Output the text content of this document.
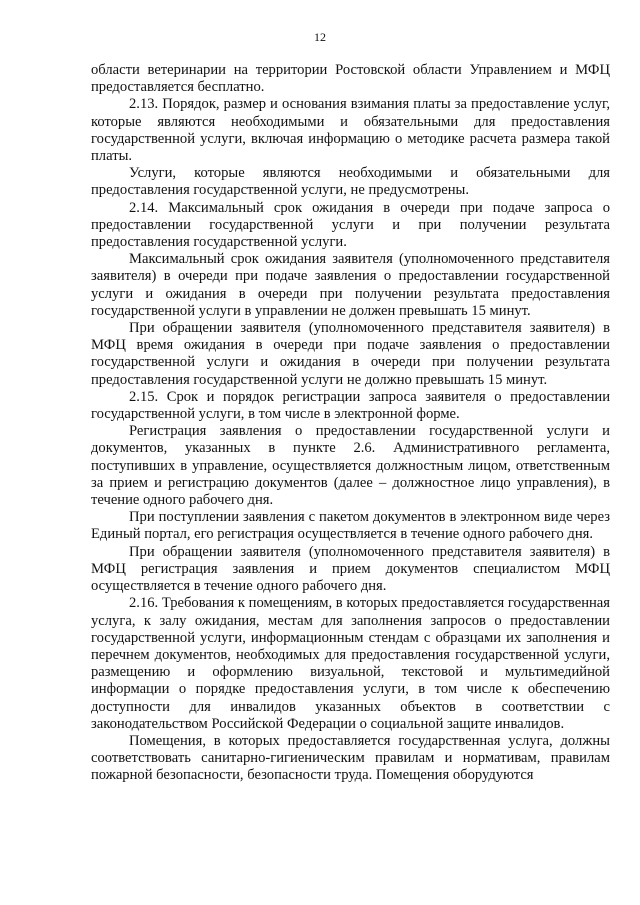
12

области ветеринарии на территории Ростовской области Управлением и МФЦ предоставляется бесплатно.

2.13. Порядок, размер и основания взимания платы за предоставление услуг, которые являются необходимыми и обязательными для предоставления государственной услуги, включая информацию о методике расчета размера такой платы.

Услуги, которые являются необходимыми и обязательными для предоставления государственной услуги, не предусмотрены.

2.14. Максимальный срок ожидания в очереди при подаче запроса о предоставлении государственной услуги и при получении результата предоставления государственной услуги.

Максимальный срок ожидания заявителя (уполномоченного представителя заявителя) в очереди при подаче заявления о предоставлении государственной услуги и ожидания в очереди при получении результата предоставления государственной услуги в управлении не должен превышать 15 минут.

При обращении заявителя (уполномоченного представителя заявителя) в МФЦ время ожидания в очереди при подаче заявления о предоставлении государственной услуги и ожидания в очереди при получении результата предоставления государственной услуги не должно превышать 15 минут.

2.15. Срок и порядок регистрации запроса заявителя о предоставлении государственной услуги, в том числе в электронной форме.

Регистрация заявления о предоставлении государственной услуги и документов, указанных в пункте 2.6. Административного регламента, поступивших в управление, осуществляется должностным лицом, ответственным за прием и регистрацию документов (далее – должностное лицо управления), в течение одного рабочего дня.

При поступлении заявления с пакетом документов в электронном виде через Единый портал, его регистрация осуществляется в течение одного рабочего дня.

При обращении заявителя (уполномоченного представителя заявителя) в МФЦ регистрация заявления и прием документов специалистом МФЦ осуществляется в течение одного рабочего дня.

2.16. Требования к помещениям, в которых предоставляется государственная услуга, к залу ожидания, местам для заполнения запросов о предоставлении государственной услуги, информационным стендам с образцами их заполнения и перечнем документов, необходимых для предоставления государственной услуги, размещению и оформлению визуальной, текстовой и мультимедийной информации о порядке предоставления услуги, в том числе к обеспечению доступности для инвалидов указанных объектов в соответствии с законодательством Российской Федерации о социальной защите инвалидов.

Помещения, в которых предоставляется государственная услуга, должны соответствовать санитарно-гигиеническим правилам и нормативам, правилам пожарной безопасности, безопасности труда. Помещения оборудуются
